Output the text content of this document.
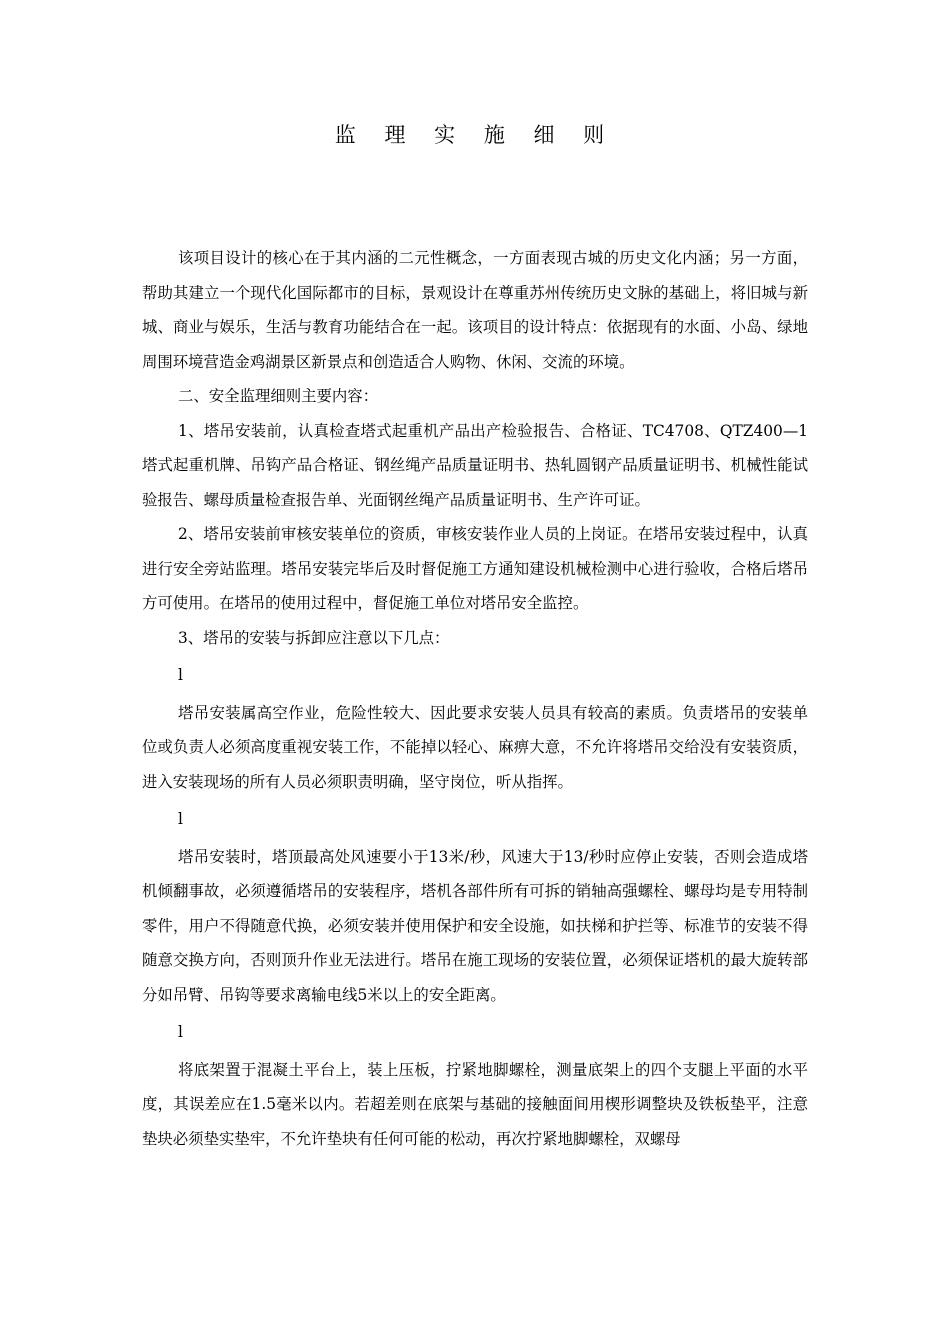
监 理 实 施 细 则

该项目设计的核心在于其内涵的二元性概念，一方面表现古城的历史文化内涵；另一方面，帮助其建立一个现代化国际都市的目标，景观设计在尊重苏州传统历史文脉的基础上，将旧城与新城、商业与娱乐，生活与教育功能结合在一起。该项目的设计特点：依据现有的水面、小岛、绿地周围环境营造金鸡湖景区新景点和创造适合人购物、休闲、交流的环境。

二、安全监理细则主要内容：

1、塔吊安装前，认真检查塔式起重机产品出产检验报告、合格证、TC4708、QTZ400—1塔式起重机牌、吊钩产品合格证、钢丝绳产品质量证明书、热轧圆钢产品质量证明书、机械性能试验报告、螺母质量检查报告单、光面钢丝绳产品质量证明书、生产许可证。

2、塔吊安装前审核安装单位的资质，审核安装作业人员的上岗证。在塔吊安装过程中，认真进行安全旁站监理。塔吊安装完毕后及时督促施工方通知建设机械检测中心进行验收，合格后塔吊方可使用。在塔吊的使用过程中，督促施工单位对塔吊安全监控。

3、塔吊的安装与拆卸应注意以下几点：

l

塔吊安装属高空作业，危险性较大、因此要求安装人员具有较高的素质。负责塔吊的安装单位或负责人必须高度重视安装工作，不能掉以轻心、麻痹大意，不允许将塔吊交给没有安装资质，进入安装现场的所有人员必须职责明确，坚守岗位，听从指挥。

l

塔吊安装时，塔顶最高处风速要小于13米/秒，风速大于13/秒时应停止安装，否则会造成塔机倾翻事故，必须遵循塔吊的安装程序，塔机各部件所有可拆的销轴高强螺栓、螺母均是专用特制零件，用户不得随意代换，必须安装并使用保护和安全设施，如扶梯和护拦等、标准节的安装不得随意交换方向，否则顶升作业无法进行。塔吊在施工现场的安装位置，必须保证塔机的最大旋转部分如吊臂、吊钩等要求离输电线5米以上的安全距离。

l

将底架置于混凝土平台上，装上压板，拧紧地脚螺栓，测量底架上的四个支腿上平面的水平度，其误差应在1.5毫米以内。若超差则在底架与基础的接触面间用楔形调整块及铁板垫平，注意垫块必须垫实垫牢，不允许垫块有任何可能的松动，再次拧紧地脚螺栓，双螺母
